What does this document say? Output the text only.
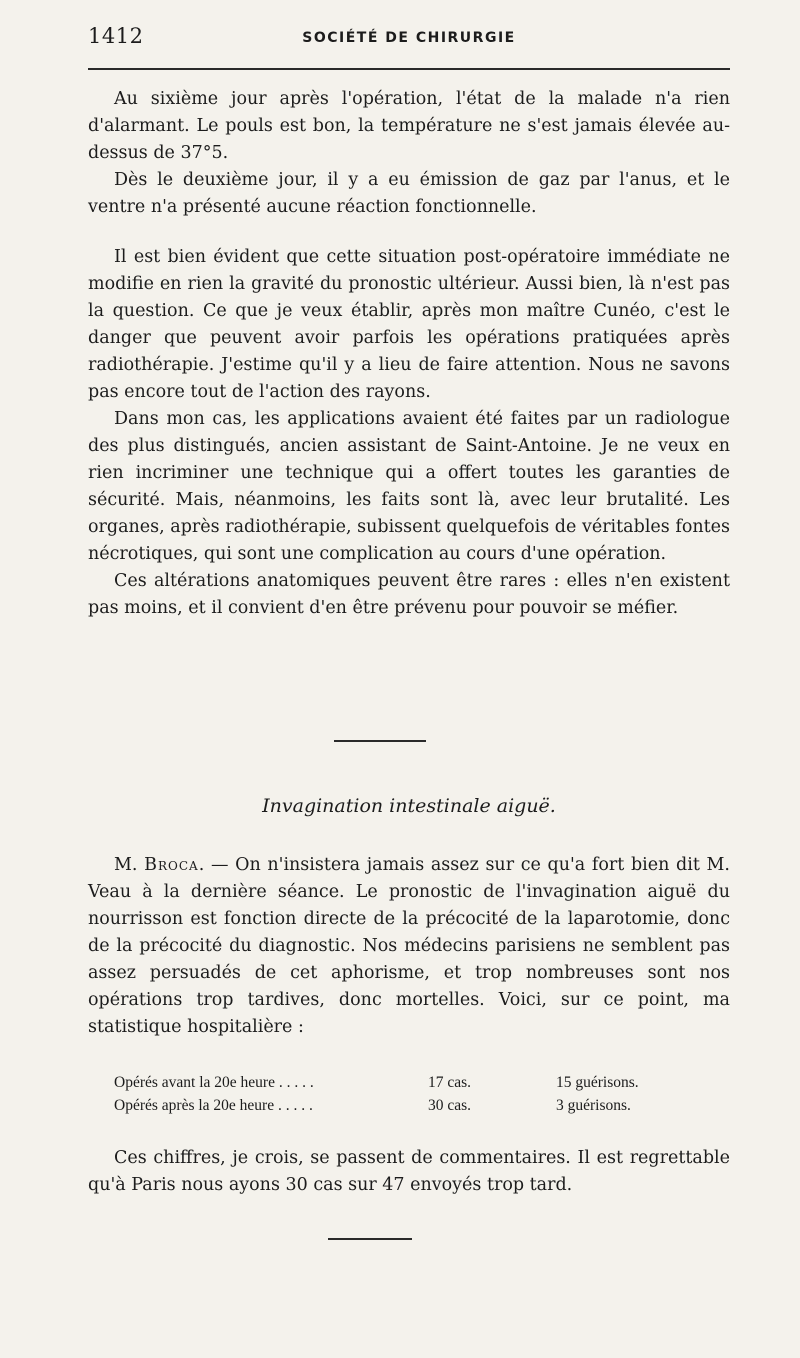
1412	SOCIÉTÉ DE CHIRURGIE

Au sixième jour après l'opération, l'état de la malade n'a rien d'alarmant. Le pouls est bon, la température ne s'est jamais élevée au-dessus de 37°5.

Dès le deuxième jour, il y a eu émission de gaz par l'anus, et le ventre n'a présenté aucune réaction fonctionnelle.

Il est bien évident que cette situation post-opératoire immédiate ne modifie en rien la gravité du pronostic ultérieur. Aussi bien, là n'est pas la question. Ce que je veux établir, après mon maître Cunéo, c'est le danger que peuvent avoir parfois les opérations pratiquées après radiothérapie. J'estime qu'il y a lieu de faire attention. Nous ne savons pas encore tout de l'action des rayons.

Dans mon cas, les applications avaient été faites par un radiologue des plus distingués, ancien assistant de Saint-Antoine. Je ne veux en rien incriminer une technique qui a offert toutes les garanties de sécurité. Mais, néanmoins, les faits sont là, avec leur brutalité. Les organes, après radiothérapie, subissent quelquefois de véritables fontes nécrotiques, qui sont une complication au cours d'une opération.

Ces altérations anatomiques peuvent être rares : elles n'en existent pas moins, et il convient d'en être prévenu pour pouvoir se méfier.

Invagination intestinale aiguë.

M. Broca. — On n'insistera jamais assez sur ce qu'a fort bien dit M. Veau à la dernière séance. Le pronostic de l'invagination aiguë du nourrisson est fonction directe de la précocité de la laparotomie, donc de la précocité du diagnostic. Nos médecins parisiens ne semblent pas assez persuadés de cet aphorisme, et trop nombreuses sont nos opérations trop tardives, donc mortelles. Voici, sur ce point, ma statistique hospitalière :

Opérés avant la 20e heure . . . . .	17 cas.	15 guérisons.
Opérés après la 20e heure . . . . .	30 cas.	3 guérisons.

Ces chiffres, je crois, se passent de commentaires. Il est regrettable qu'à Paris nous ayons 30 cas sur 47 envoyés trop tard.
